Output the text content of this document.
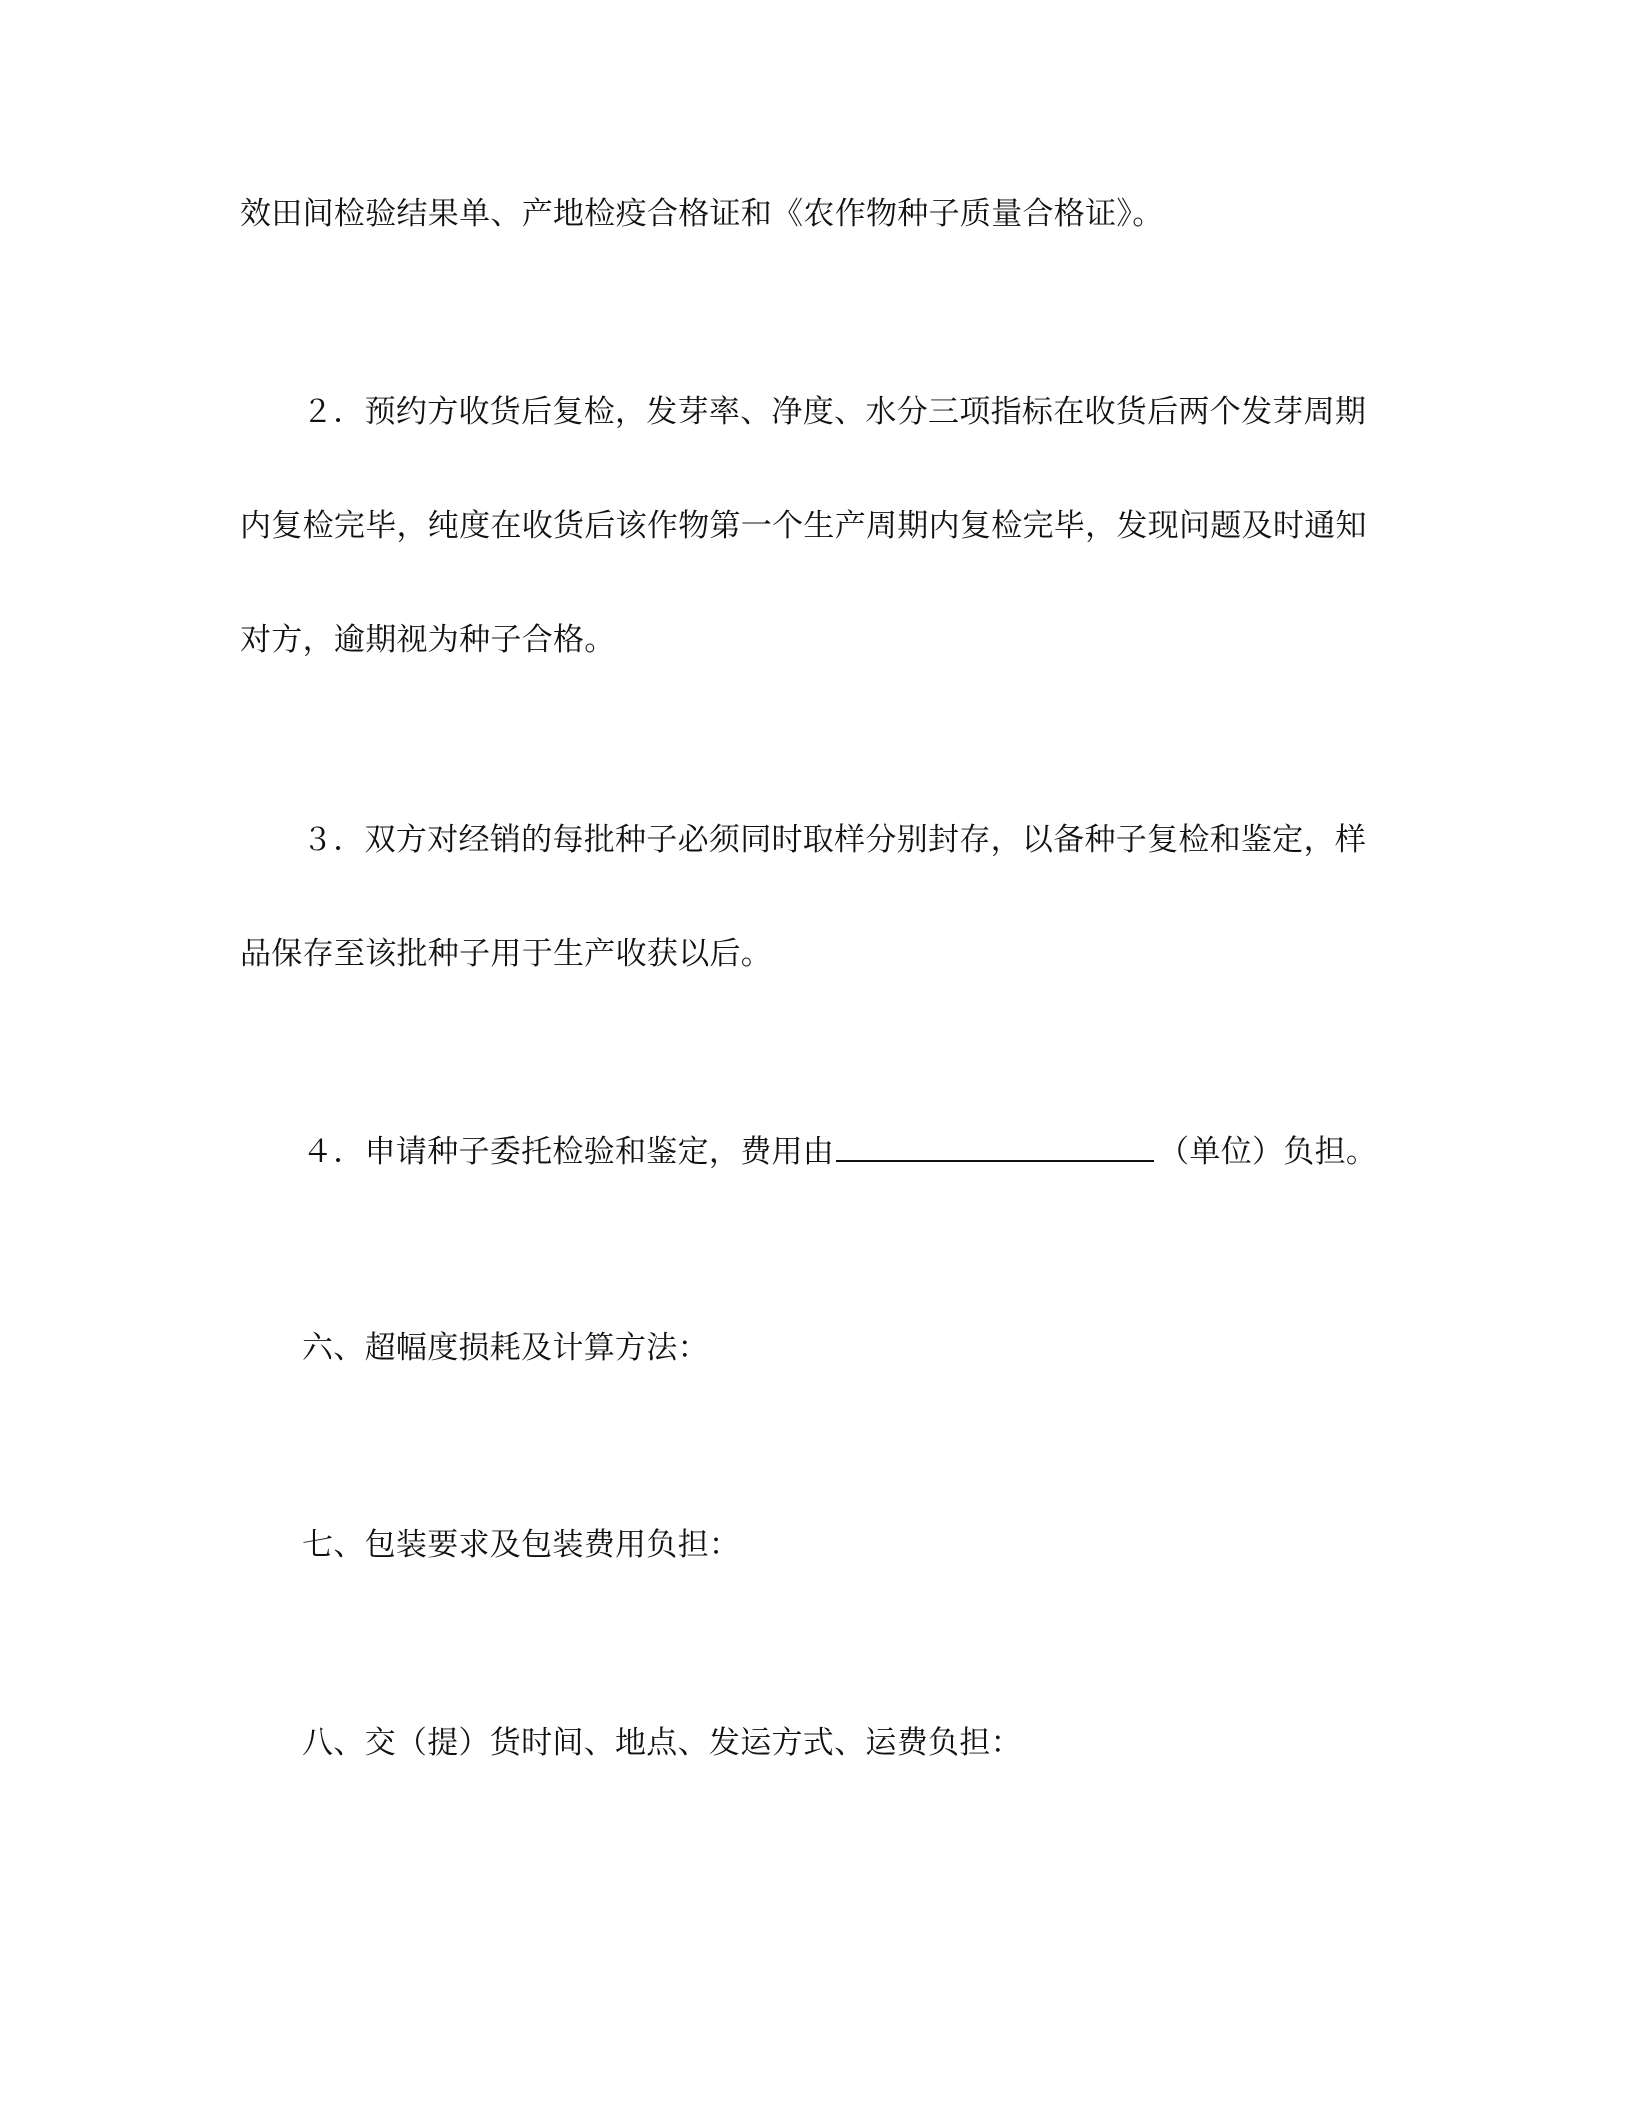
效田间检验结果单、产地检疫合格证和《农作物种子质量合格证》。
２．预约方收货后复检，发芽率、净度、水分三项指标在收货后两个发芽周期
内复检完毕，纯度在收货后该作物第一个生产周期内复检完毕，发现问题及时通知
对方，逾期视为种子合格。
３．双方对经销的每批种子必须同时取样分别封存，以备种子复检和鉴定，样
品保存至该批种子用于生产收获以后。
４．申请种子委托检验和鉴定，费用由	（单位）负担。
六、超幅度损耗及计算方法：
七、包装要求及包装费用负担：
八、交（提）货时间、地点、发运方式、运费负担：
